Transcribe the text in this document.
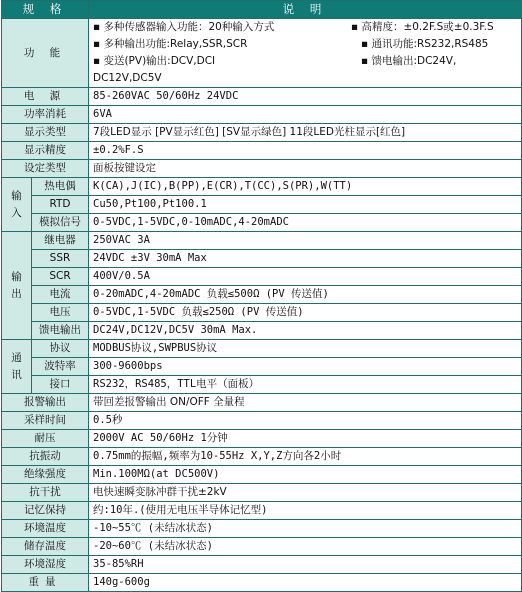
规 格	说 明
功 能	
▪ 多种传感器输入功能：20种输入方式	▪ 高精度：±0.2F.S或±0.3F.S
▪ 多种输出功能:Relay,SSR,SCR	▪ 通讯功能:RS232,RS485
▪ 变送(PV)输出:DCV,DCI	▪ 馈电输出:DC24V,
DC12V,DC5V

电 源	85-260VAC 50/60Hz 24VDC
功率消耗	6VA
显示类型	7段LED显示 [PV显示红色] [SV显示绿色] 11段LED光柱显示[红色]
显示精度	±0.2%F.S
设定类型	面板按键设定

输
入
	热电偶	K(CA),J(IC),B(PP),E(CR),T(CC),S(PR),W(TT)
RTD	Cu50,Pt100,Pt100.1
模拟信号	0-5VDC,1-5VDC,0-10mADC,4-20mADC

输
出
	继电器	250VAC 3A
SSR	24VDC ±3V 30mA Max
SCR	400V/0.5A
电流	0-20mADC,4-20mADC 负载≤500Ω (PV 传送值)
电压	0-5VDC,1-5VDC 负载≤250Ω (PV 传送值)
馈电输出	DC24V,DC12V,DC5V 30mA Max.

通
讯
	协议	MODBUS协议,SWPBUS协议
波特率	300-9600bps
接口	RS232，RS485，TTL电平（面板）
报警输出	带回差报警输出 ON/OFF 全量程
采样时间	0.5秒
耐压	2000V AC 50/60Hz 1分钟
抗振动	0.75mm的振幅,频率为10-55Hz X,Y,Z方向各2小时
绝缘强度	Min.100MΩ(at DC500V)
抗干扰	电快速瞬变脉冲群干扰±2kV
记忆保持	约:10年.(使用无电压半导体记忆型)
环境温度	-10~55℃ (未结冰状态)
储存温度	-20~60℃ (未结冰状态)
环境湿度	35-85%RH
重量	140g-600g
